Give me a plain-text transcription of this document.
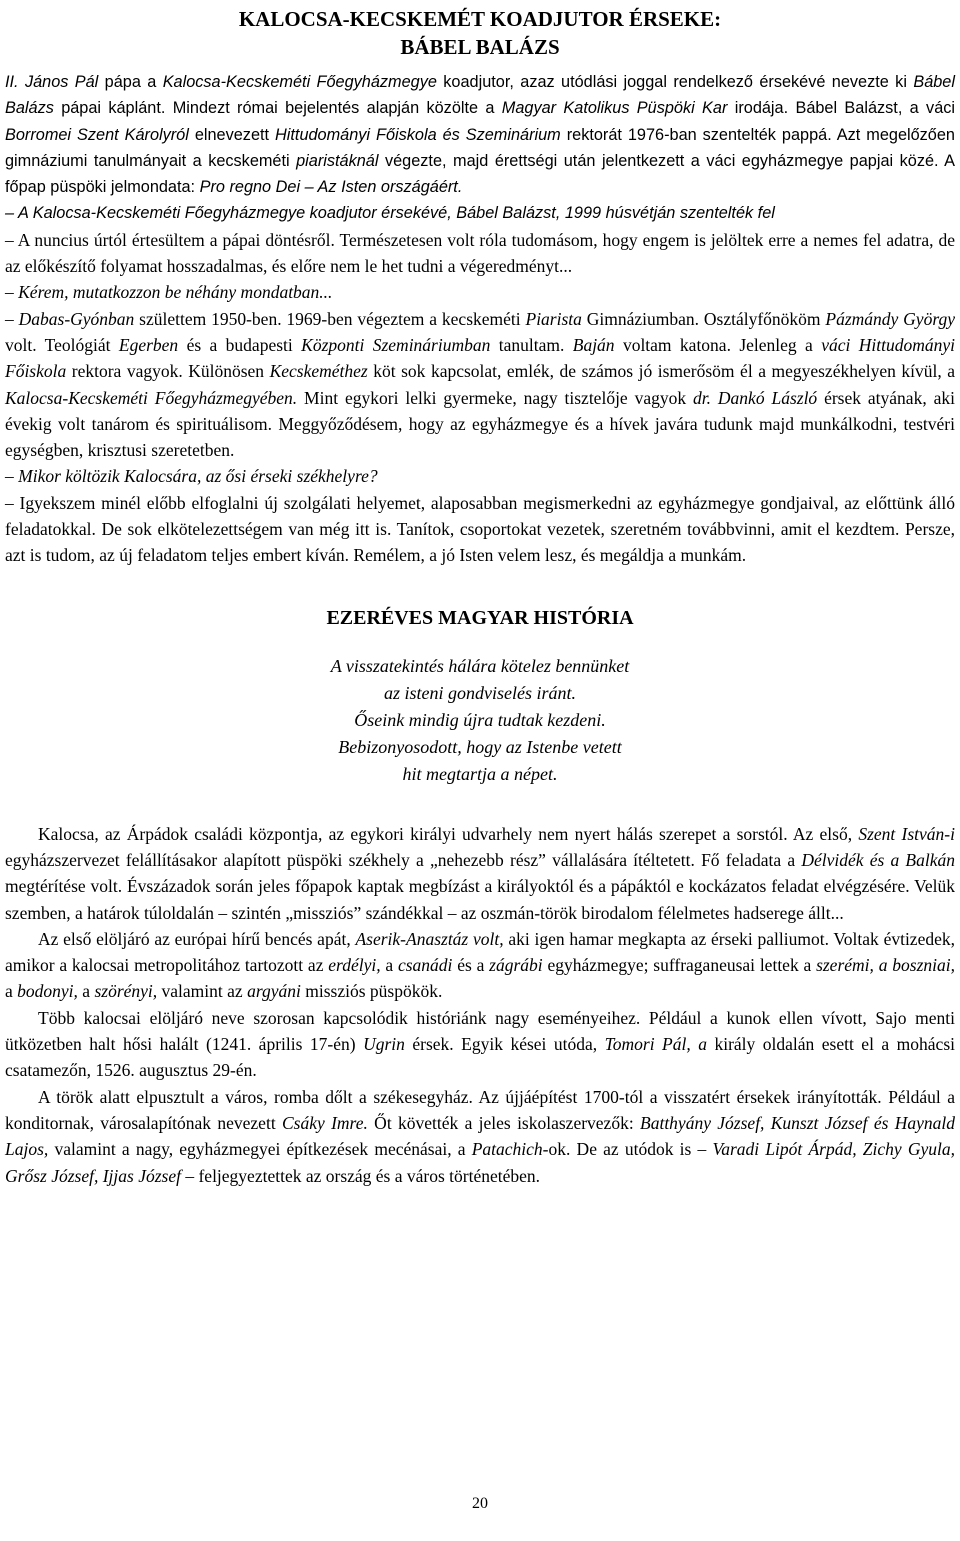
KALOCSA-KECSKEMÉT KOADJUTOR ÉRSEKE:
BÁBEL BALÁZS

II. János Pál pápa a Kalocsa-Kecskeméti Főegyházmegye koadjutor, azaz utódlási joggal rendelkező érsekévé nevezte ki Bábel Balázs pápai káplánt. Mindezt római bejelentés alapján közölte a Magyar Katolikus Püspöki Kar irodája. Bábel Balázst, a váci Borromei Szent Károlyról elnevezett Hittudományi Főiskola és Szeminárium rektorát 1976-ban szentelték pappá. Azt megelőzően gimnáziumi tanulmányait a kecskeméti piaristáknál végezte, majd érettségi után jelentkezett a váci egyházmegye papjai közé. A főpap püspöki jelmondata: Pro regno Dei – Az Isten országáért.

– A Kalocsa-Kecskeméti Főegyházmegye koadjutor érsekévé, Bábel Balázst, 1999 húsvétján szentelték fel

– A nuncius úrtól értesültem a pápai döntésről. Természetesen volt róla tudomásom, hogy engem is jelöltek erre a nemes fel adatra, de az előkészítő folyamat hosszadalmas, és előre nem le het tudni a végeredményt...

– Kérem, mutatkozzon be néhány mondatban...

– Dabas-Gyónban születtem 1950-ben. 1969-ben végeztem a kecskeméti Piarista Gimnáziumban. Osztályfőnököm Pázmándy György volt. Teológiát Egerben és a budapesti Központi Szemináriumban tanultam. Baján voltam katona. Jelenleg a váci Hittudományi Főiskola rektora vagyok. Különösen Kecskeméthez köt sok kapcsolat, emlék, de számos jó ismerősöm él a megyeszékhelyen kívül, a Kalocsa-Kecskeméti Főegyházmegyében. Mint egykori lelki gyermeke, nagy tisztelője vagyok dr. Dankó László érsek atyának, aki évekig volt tanárom és spirituálisom. Meggyőződésem, hogy az egyházmegye és a hívek javára tudunk majd munkálkodni, testvéri egységben, krisztusi szeretetben.

– Mikor költözik Kalocsára, az ősi érseki székhelyre?

– Igyekszem minél előbb elfoglalni új szolgálati helyemet, alaposabban megismerkedni az egyházmegye gondjaival, az előttünk álló feladatokkal. De sok elkötelezettségem van még itt is. Tanítok, csoportokat vezetek, szeretném továbbvinni, amit el kezdtem. Persze, azt is tudom, az új feladatom teljes embert kíván. Remélem, a jó Isten velem lesz, és megáldja a munkám.

EZERÉVES MAGYAR HISTÓRIA
A visszatekintés hálára kötelez bennünket
az isteni gondviselés iránt.
Őseink mindig újra tudtak kezdeni.
Bebizonyosodott, hogy az Istenbe vetett
hit megtartja a népet.

Kalocsa, az Árpádok családi központja, az egykori királyi udvarhely nem nyert hálás szerepet a sorstól. Az első, Szent István-i egyházszervezet felállításakor alapított püspöki székhely a „nehezebb rész” vállalására ítéltetett. Fő feladata a Délvidék és a Balkán megtérítése volt. Évszázadok során jeles főpapok kaptak megbízást a királyoktól és a pápáktól e kockázatos feladat elvégzésére. Velük szemben, a határok túloldalán – szintén „missziós” szándékkal – az oszmán-török birodalom félelmetes hadserege állt...

Az első elöljáró az európai hírű bencés apát, Aserik-Anasztáz volt, aki igen hamar megkapta az érseki palliumot. Voltak évtizedek, amikor a kalocsai metropolitához tartozott az erdélyi, a csanádi és a zágrábi egyházmegye; suffraganeusai lettek a szerémi, a boszniai, a bodonyi, a szörényi, valamint az argyáni missziós püspökök.

Több kalocsai elöljáró neve szorosan kapcsolódik históriánk nagy eseményeihez. Például a kunok ellen vívott, Sajo menti ütközetben halt hősi halált (1241. április 17-én) Ugrin érsek. Egyik kései utóda, Tomori Pál, a király oldalán esett el a mohácsi csatamezőn, 1526. augusztus 29-én.

A török alatt elpusztult a város, romba dőlt a székesegyház. Az újjáépítést 1700-tól a visszatért érsekek irányították. Például a konditornak, városalapítónak nevezett Csáky Imre. Őt követték a jeles iskolaszervezők: Batthyány József, Kunszt József és Haynald Lajos, valamint a nagy, egyházmegyei építkezések mecénásai, a Patachich-ok. De az utódok is – Varadi Lipót Árpád, Zichy Gyula, Grősz József, Ijjas József – feljegyeztettek az ország és a város történetében.

20
